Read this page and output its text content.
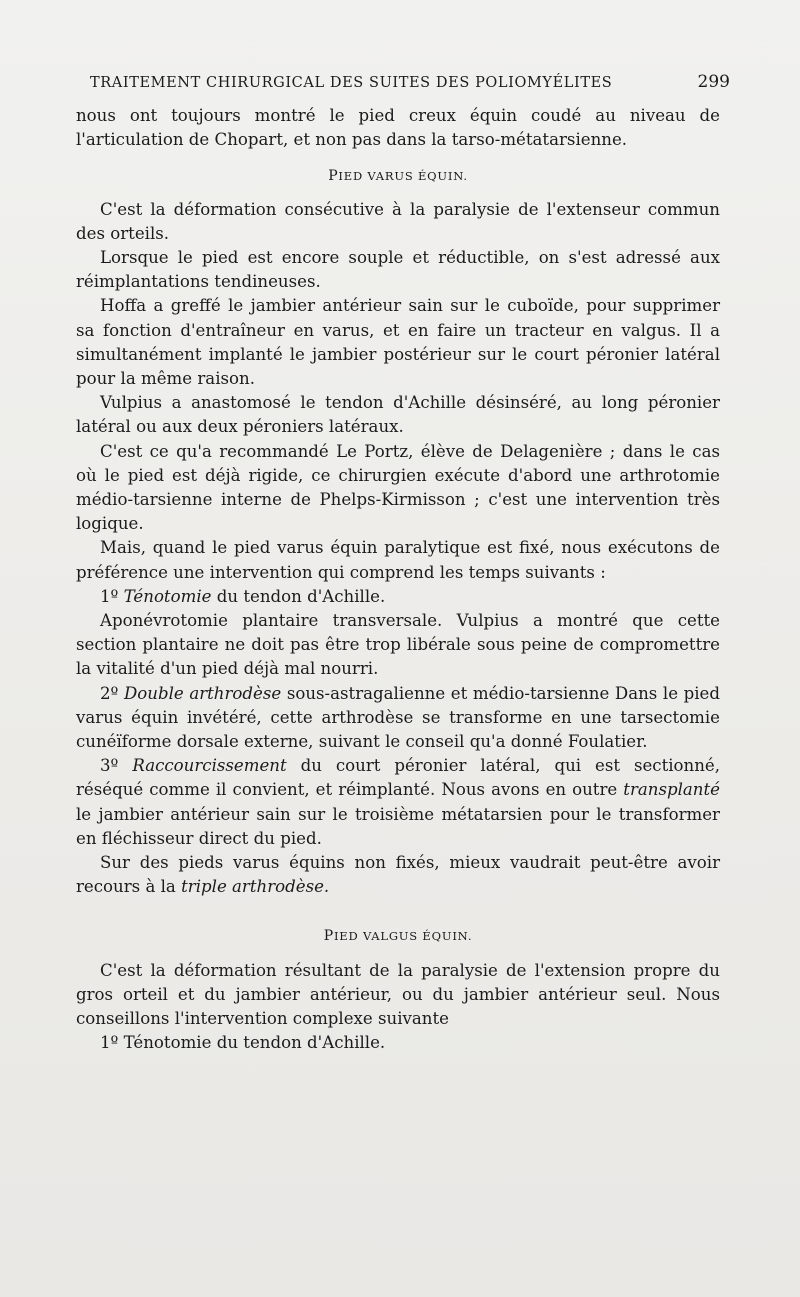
TRAITEMENT CHIRURGICAL DES SUITES DES POLIOMYÉLITES	299

nous ont toujours montré le pied creux équin coudé au niveau de l'articulation de Chopart, et non pas dans la tarso-métatarsienne.

PIED VARUS ÉQUIN.

C'est la déformation consécutive à la paralysie de l'extenseur commun des orteils.

Lorsque le pied est encore souple et réductible, on s'est adressé aux réimplantations tendineuses.

Hoffa a greffé le jambier antérieur sain sur le cuboïde, pour supprimer sa fonction d'entraîneur en varus, et en faire un tracteur en valgus. Il a simultanément implanté le jambier postérieur sur le court péronier latéral pour la même raison.

Vulpius a anastomosé le tendon d'Achille désinséré, au long péronier latéral ou aux deux péroniers latéraux.

C'est ce qu'a recommandé Le Portz, élève de Delagenière ; dans le cas où le pied est déjà rigide, ce chirurgien exécute d'abord une arthrotomie médio-tarsienne interne de Phelps-Kirmisson ; c'est une intervention très logique.

Mais, quand le pied varus équin paralytique est fixé, nous exécutons de préférence une intervention qui comprend les temps suivants :

1º Ténotomie du tendon d'Achille.

Aponévrotomie plantaire transversale. Vulpius a montré que cette section plantaire ne doit pas être trop libérale sous peine de compromettre la vitalité d'un pied déjà mal nourri.

2º Double arthrodèse sous-astragalienne et médio-tarsienne Dans le pied varus équin invétéré, cette arthrodèse se transforme en une tarsectomie cunéïforme dorsale externe, suivant le conseil qu'a donné Foulatier.

3º Raccourcissement du court péronier latéral, qui est sectionné, réséqué comme il convient, et réimplanté. Nous avons en outre transplanté le jambier antérieur sain sur le troisième métatarsien pour le transformer en fléchisseur direct du pied.

Sur des pieds varus équins non fixés, mieux vaudrait peut-être avoir recours à la triple arthrodèse.

PIED VALGUS ÉQUIN.

C'est la déformation résultant de la paralysie de l'extension propre du gros orteil et du jambier antérieur, ou du jambier antérieur seul. Nous conseillons l'intervention complexe suivante

1º Ténotomie du tendon d'Achille.
